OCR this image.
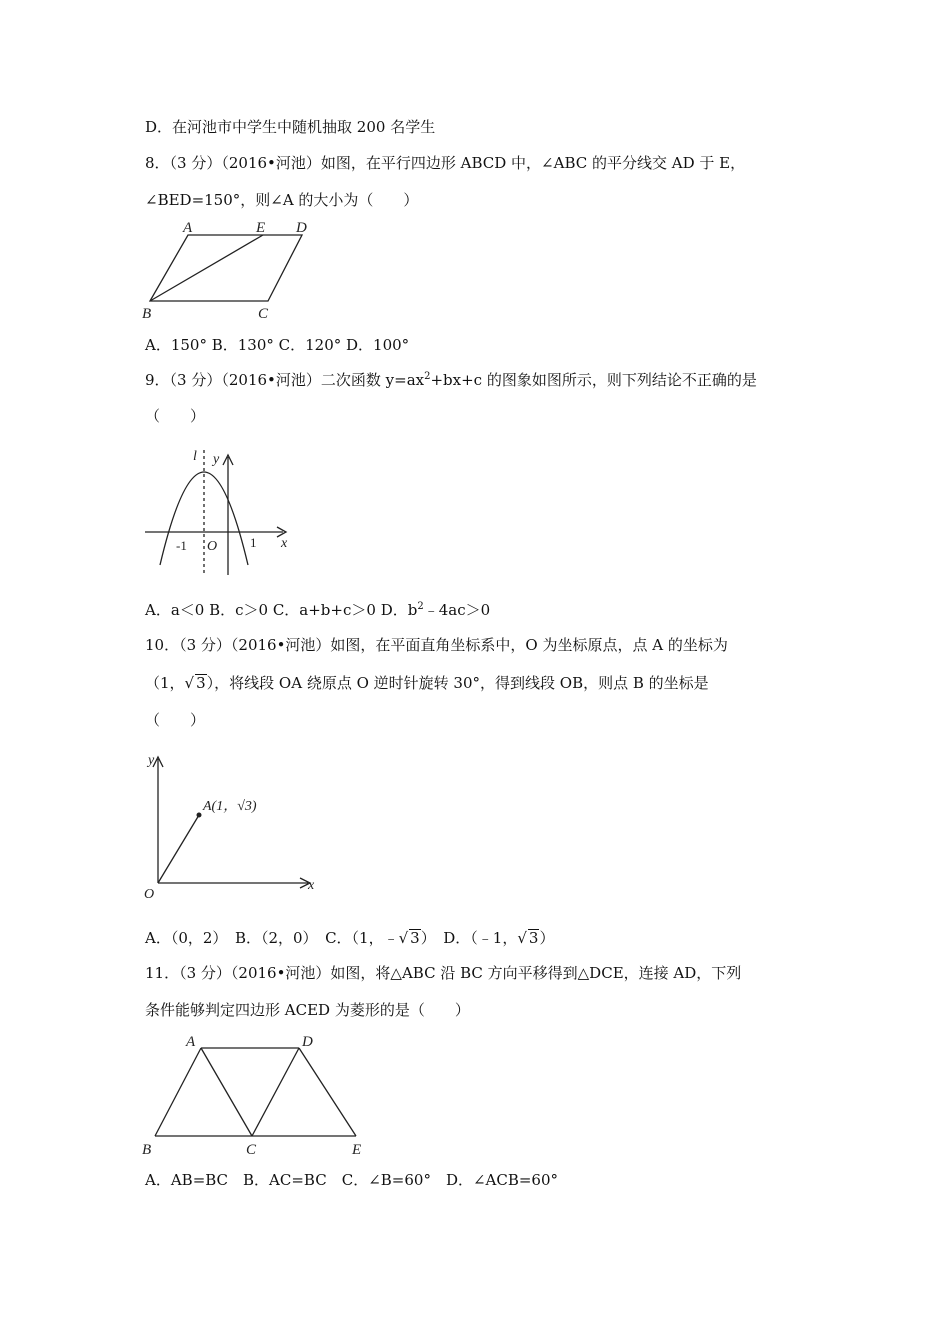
D．在河池市中学生中随机抽取 200 名学生
8．（3 分）（2016•河池）如图，在平行四边形 ABCD 中，∠ABC 的平分线交 AD 于 E，
∠BED=150°，则∠A 的大小为（　　）
A	E D
B	C
A．150° B．130° C．120° D．100°
9．（3 分）（2016•河池）二次函数 $y=ax^2+bx+c$ 的图象如图所示，则下列结论不正确的是
（　　）
l y
-1 O	1 x
A．a＜0 B．c＞0 C．a+b+c＞0 D．$b^2﹣4ac>0$
10．（3 分）（2016•河池）如图，在平面直角坐标系中，O 为坐标原点，点 A 的坐标为
（1，√ 3），将线段 OA 绕原点 O 逆时针旋转 30°，得到线段 OB，则点 B 的坐标是
（　　）
y
A(1，√3)
O
x
A．（0，2）　 B．（2，0）　 C．（1，﹣√ 3）　 D．（﹣1，√ 3）
11．（3 分）（2016•河池）如图，将△ABC 沿 BC 方向平移得到△DCE，连接 AD，下列
条件能够判定四边形 ACED 为菱形的是（　　）
A	D
B	C	E
A．AB=BC　B．AC=BC　C．∠B=60°　D．∠ACB=60°
